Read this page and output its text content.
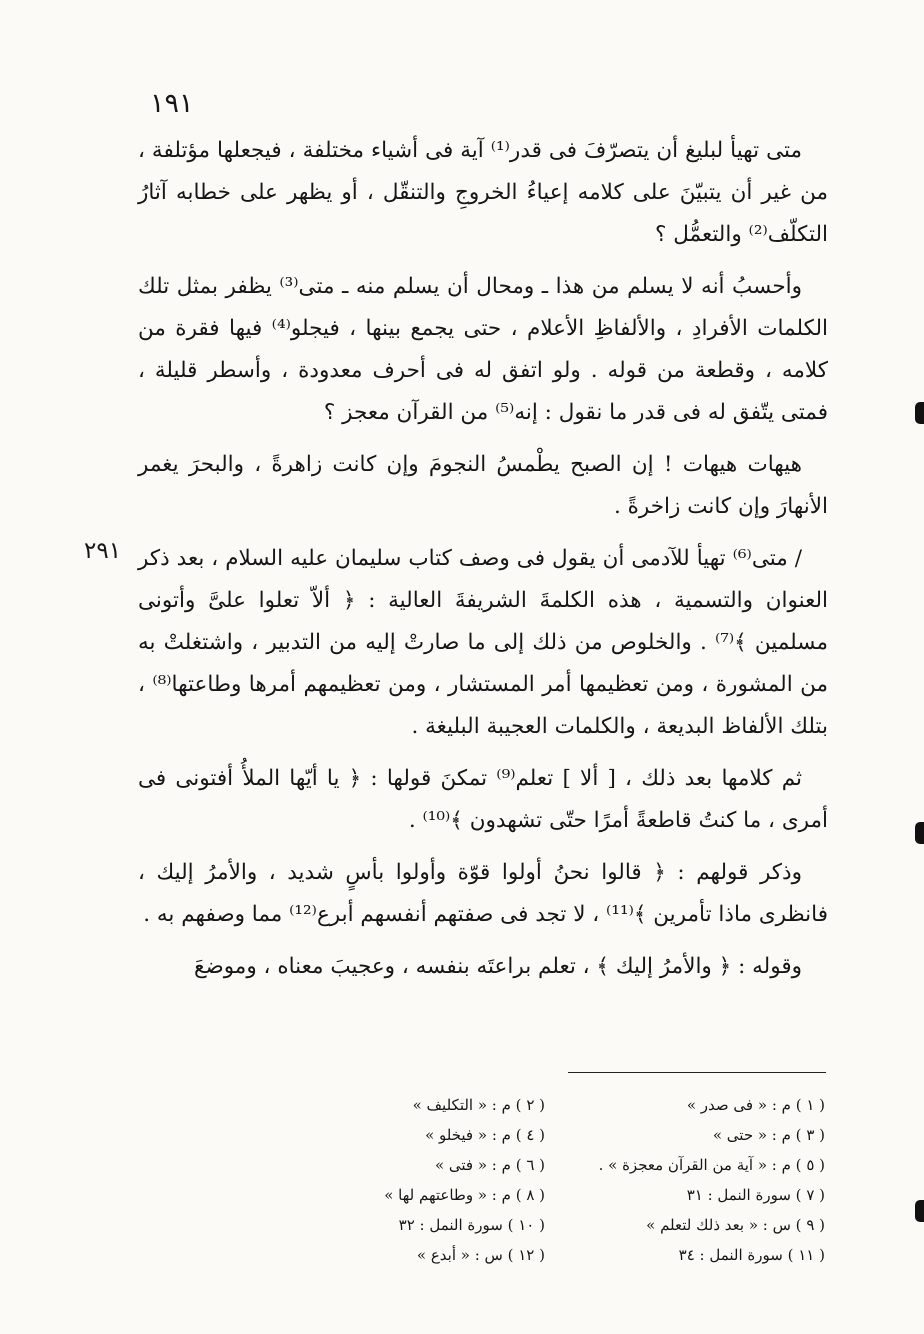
١٩١
٢٩١

متى تهيأ لبليغ أن يتصرّفَ فى قدر⁽¹⁾ آية فى أشياء مختلفة ، فيجعلها مؤتلفة ، من غير أن يتبيّنَ على كلامه إعياءُ الخروجِ والتنقّل ، أو يظهر على خطابه آثارُ التكلّف⁽²⁾ والتعمُّل ؟

وأحسبُ أنه لا يسلم من هذا ـ ومحال أن يسلم منه ـ متى⁽³⁾ يظفر بمثل تلك الكلمات الأفرادِ ، والألفاظِ الأعلام ، حتى يجمع بينها ، فيجلو⁽⁴⁾ فيها فقرة من كلامه ، وقطعة من قوله . ولو اتفق له فى أحرف معدودة ، وأسطر قليلة ، فمتى يتّفق له فى قدر ما نقول : إنه⁽⁵⁾ من القرآن معجز ؟

هيهات هيهات ! إن الصبح يطْمسُ النجومَ وإن كانت زاهرةً ، والبحرَ يغمر الأنهارَ وإن كانت زاخرةً .

/ متى⁽⁶⁾ تهيأ للآدمى أن يقول فى وصف كتاب سليمان عليه السلام ، بعد ذكر العنوان والتسمية ، هذه الكلمةَ الشريفةَ العالية : ﴿ ألاّ تعلوا علىَّ وأتونى مسلمين ﴾⁽⁷⁾ . والخلوص من ذلك إلى ما صارتْ إليه من التدبير ، واشتغلتْ به من المشورة ، ومن تعظيمها أمر المستشار ، ومن تعظيمهم أمرها وطاعتها⁽⁸⁾ ، بتلك الألفاظ البديعة ، والكلمات العجيبة البليغة .

ثم كلامها بعد ذلك ، [ ألا ] تعلم⁽⁹⁾ تمكنَ قولها : ﴿ يا أيّها الملأُ أفتونى فى أمرى ، ما كنتُ قاطعةً أمرًا حتّى تشهدون ﴾⁽¹⁰⁾ .

وذكر قولهم : ﴿ قالوا نحنُ أولوا قوّة وأولوا بأسٍ شديد ، والأمرُ إليك ، فانظرى ماذا تأمرين ﴾⁽¹¹⁾ ، لا تجد فى صفتهم أنفسهم أبرع⁽¹²⁾ مما وصفهم به .

وقوله : ﴿ والأمرُ إليك ﴾ ، تعلم براعتَه بنفسه ، وعجيبَ معناه ، وموضعَ

( ١ ) م : « فى صدر »
( ٣ ) م : « حتى »
( ٥ ) م : « آية من القرآن معجزة » .
( ٧ ) سورة النمل : ٣١
( ٩ ) س : « بعد ذلك لتعلم »
( ١١ ) سورة النمل : ٣٤
( ٢ ) م : « التكليف »
( ٤ ) م : « فيخلو »
( ٦ ) م : « فتى »
( ٨ ) م : « وطاعتهم لها »
( ١٠ ) سورة النمل : ٣٢
( ١٢ ) س : « أبدع »
